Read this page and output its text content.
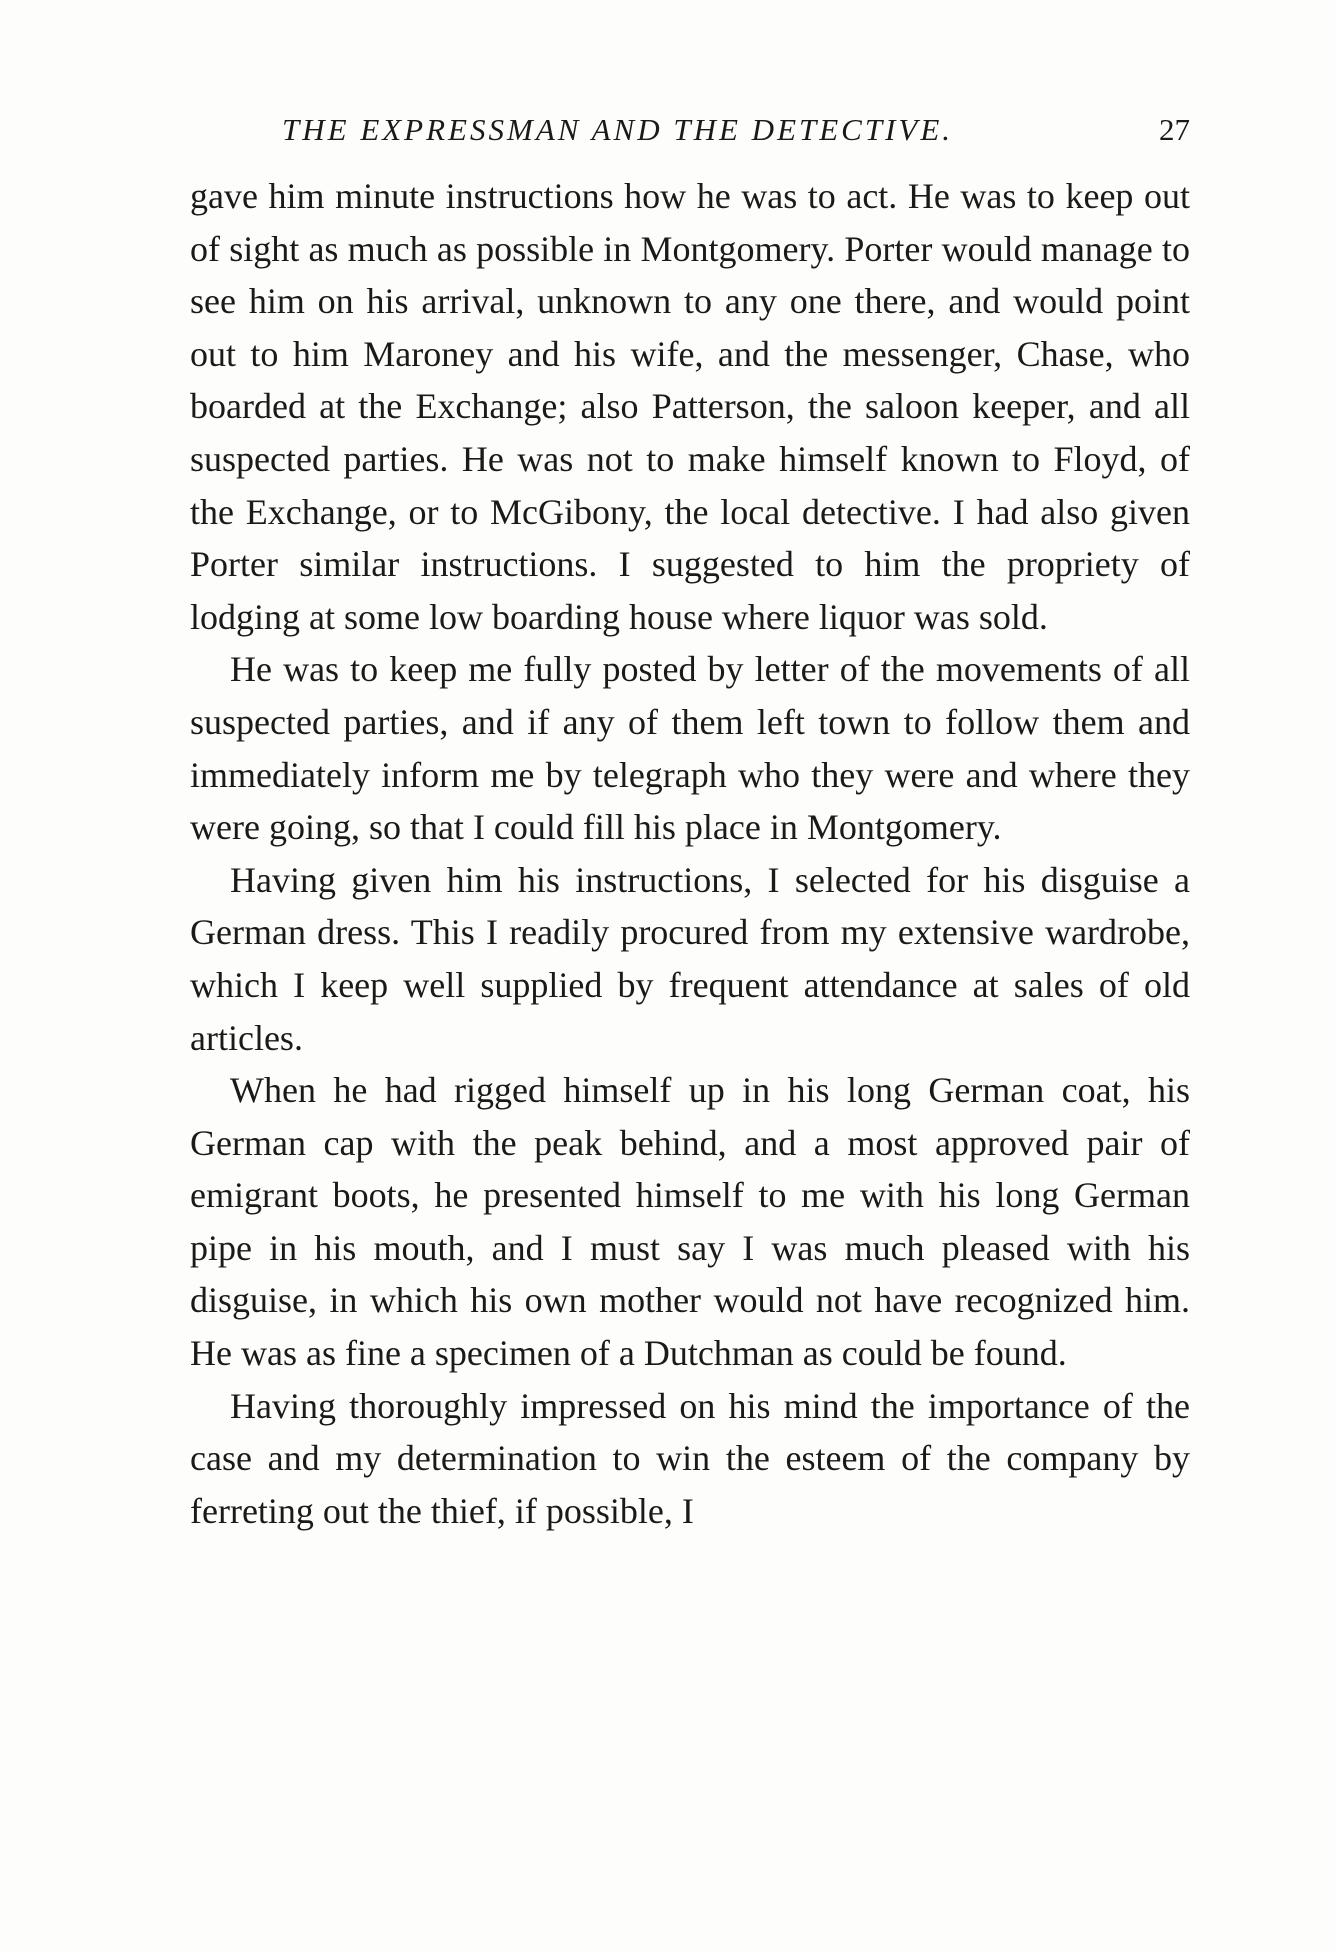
THE EXPRESSMAN AND THE DETECTIVE.	27

gave him minute instructions how he was to act. He was to keep out of sight as much as possible in Montgomery. Porter would manage to see him on his arrival, unknown to any one there, and would point out to him Maroney and his wife, and the messenger, Chase, who boarded at the Exchange; also Patterson, the saloon keeper, and all suspected parties. He was not to make himself known to Floyd, of the Exchange, or to McGibony, the local detective. I had also given Porter similar instructions. I suggested to him the propriety of lodging at some low boarding house where liquor was sold.

He was to keep me fully posted by letter of the movements of all suspected parties, and if any of them left town to follow them and immediately inform me by telegraph who they were and where they were going, so that I could fill his place in Montgomery.

Having given him his instructions, I selected for his disguise a German dress. This I readily procured from my extensive wardrobe, which I keep well supplied by frequent attendance at sales of old articles.

When he had rigged himself up in his long German coat, his German cap with the peak behind, and a most approved pair of emigrant boots, he presented himself to me with his long German pipe in his mouth, and I must say I was much pleased with his disguise, in which his own mother would not have recognized him. He was as fine a specimen of a Dutchman as could be found.

Having thoroughly impressed on his mind the importance of the case and my determination to win the esteem of the company by ferreting out the thief, if possible, I
